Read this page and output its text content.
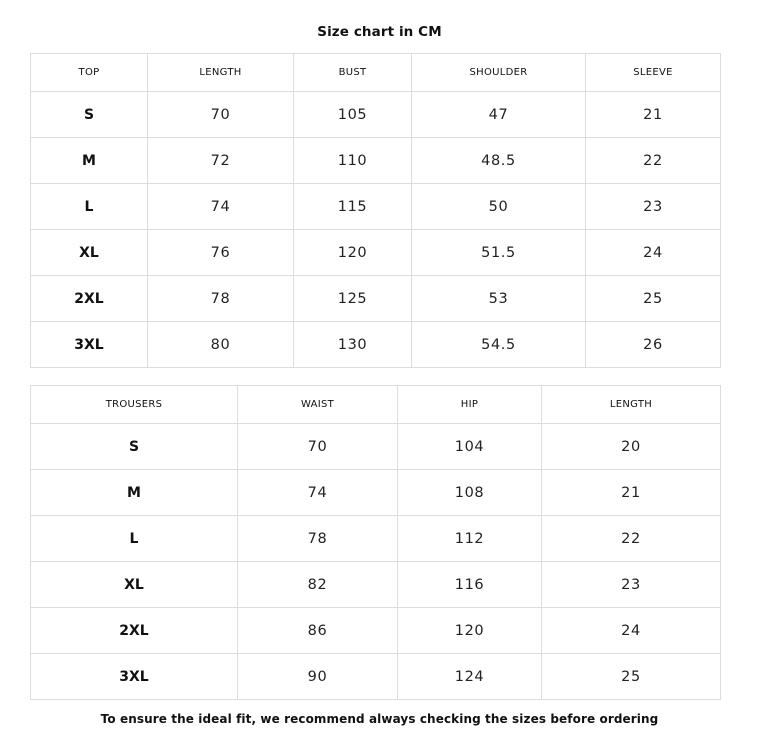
Size chart in CM
TOP	LENGTH	BUST	SHOULDER	SLEEVE
S	70	105	47	21
M	72	110	48.5	22
L	74	115	50	23
XL	76	120	51.5	24
2XL	78	125	53	25
3XL	80	130	54.5	26
TROUSERS	WAIST	HIP	LENGTH
S	70	104	20
M	74	108	21
L	78	112	22
XL	82	116	23
2XL	86	120	24
3XL	90	124	25
To ensure the ideal fit, we recommend always checking the sizes before ordering
